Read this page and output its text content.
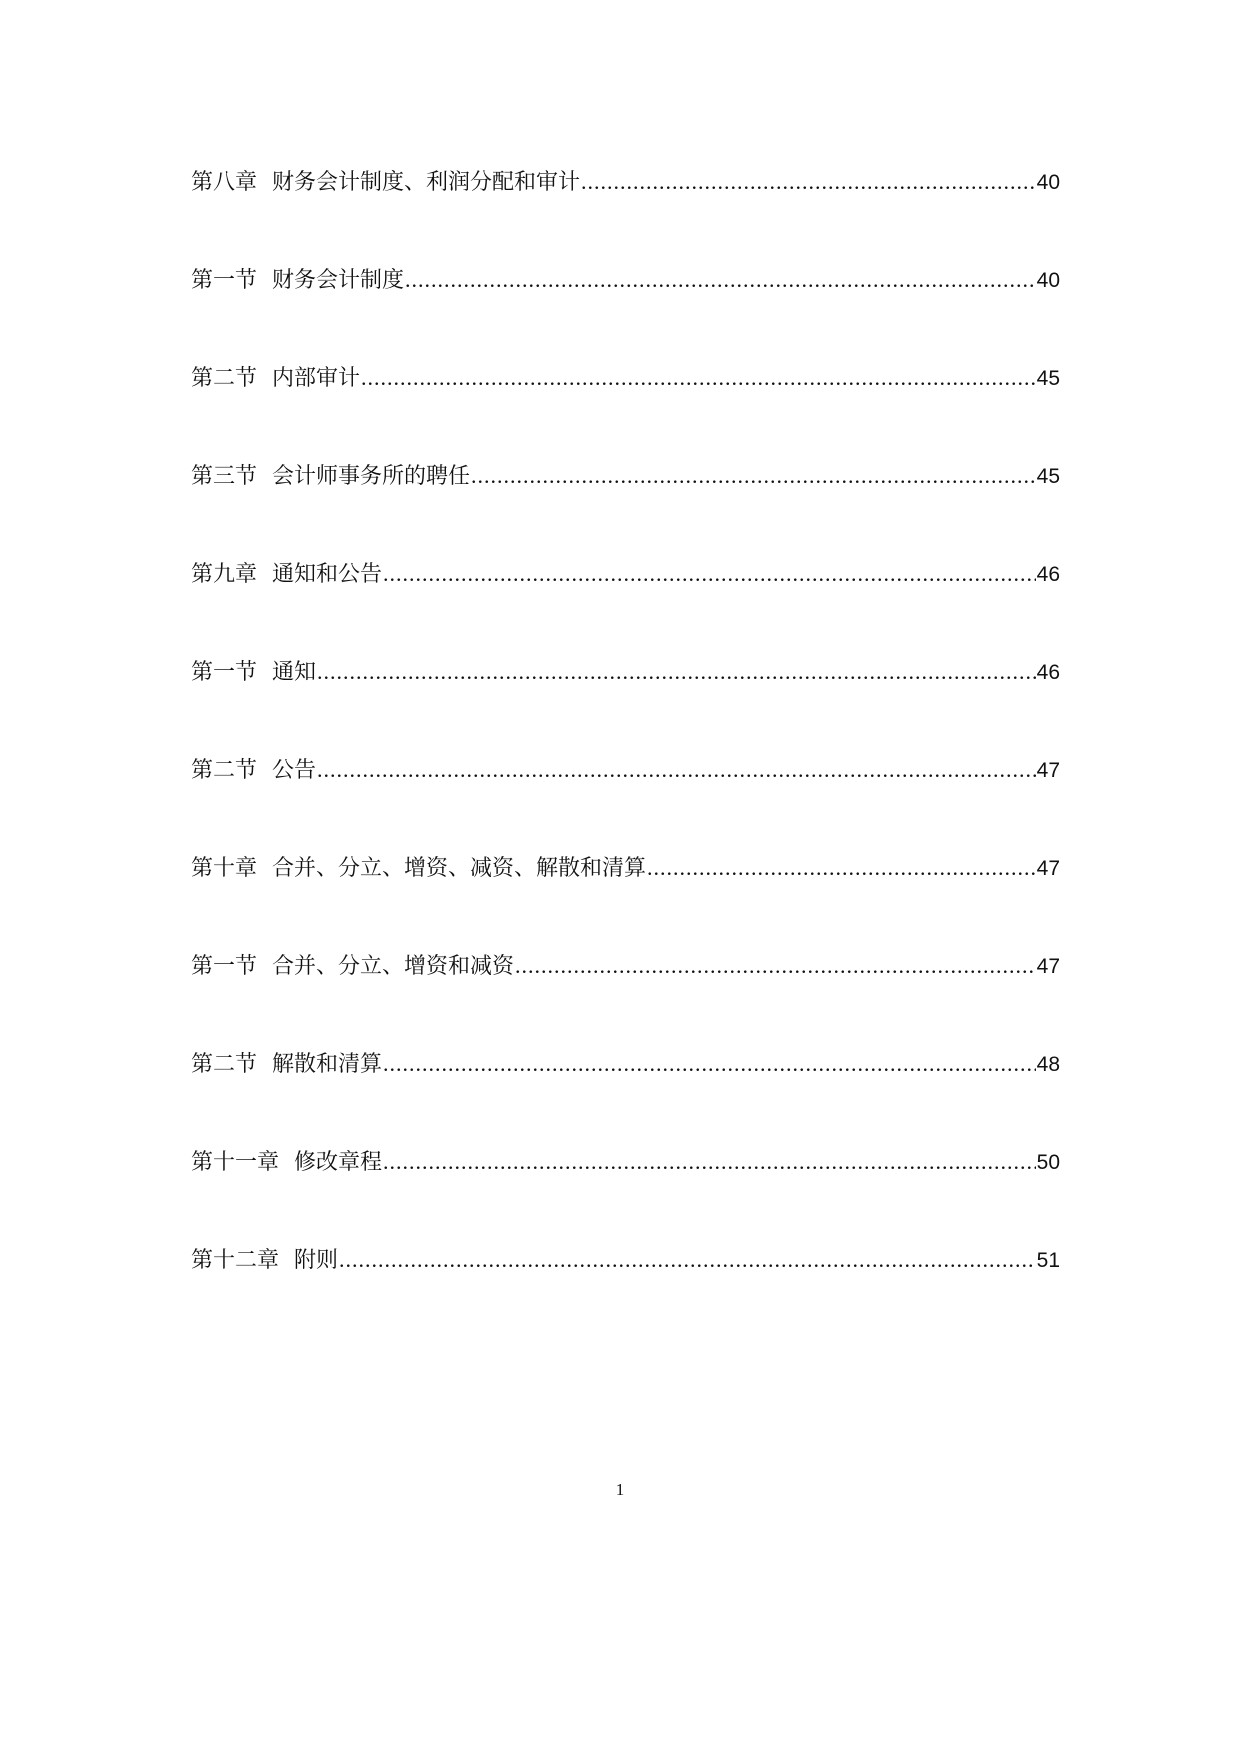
第八章 财务会计制度、利润分配和审计 .....	40
第一节 财务会计制度 .....	40
第二节 内部审计 .....	45
第三节 会计师事务所的聘任 .....	45
第九章 通知和公告 .....	46
第一节 通知 .....	46
第二节 公告 .....	47
第十章 合并、分立、增资、减资、解散和清算 .....	47
第一节 合并、分立、增资和减资 .....	47
第二节 解散和清算 .....	48
第十一章 修改章程 .....	50
第十二章 附则 .....	51
1
